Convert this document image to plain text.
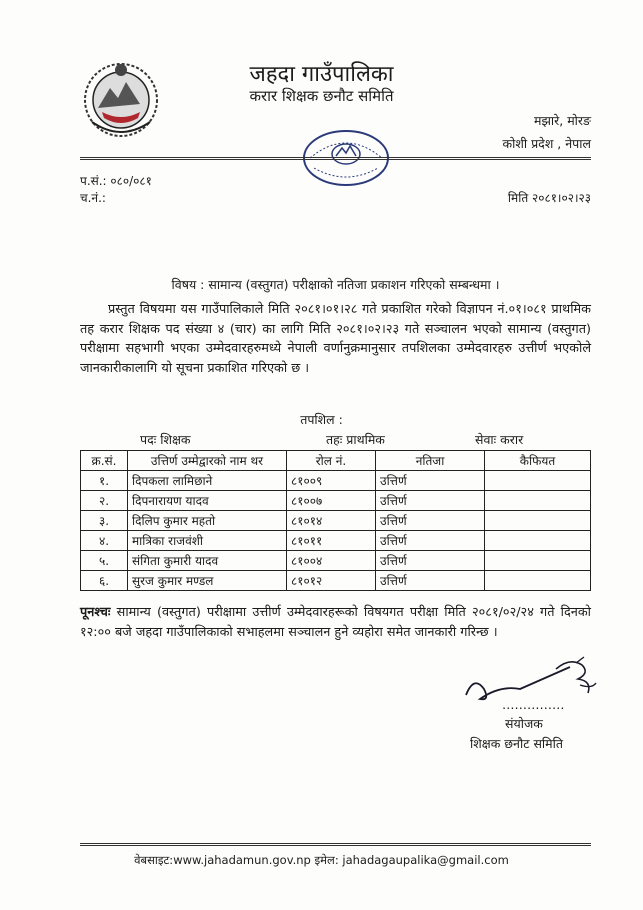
जहदा गाउँपालिका
करार शिक्षक छनौट समिति
मझारे, मोरङ
कोशी प्रदेश , नेपाल
प.सं.: ०८०/०८१
च.नं.:	मिति २०८१।०२।२३
विषय : सामान्य (वस्तुगत) परीक्षाको नतिजा प्रकाशन गरिएको सम्बन्धमा ।
प्रस्तुत विषयमा यस गाउँपालिकाले मिति २०८१।०१।२८ गते प्रकाशित गरेको विज्ञापन नं.०१।०८१ प्राथमिक तह करार शिक्षक पद संख्या ४ (चार) का लागि मिति २०८१।०२।२३ गते सञ्चालन भएको सामान्य (वस्तुगत) परीक्षामा सहभागी भएका उम्मेदवारहरुमध्ये नेपाली वर्णानुक्रमानुसार तपशिलका उम्मेदवारहरु उत्तीर्ण भएकोले जानकारीकालागि यो सूचना प्रकाशित गरिएको छ ।
तपशिल :
पदः शिक्षक	तहः प्राथमिक	सेवाः करार
क्र.सं.	उत्तिर्ण उम्मेद्वारको नाम थर	रोल नं.	नतिजा	कैफियत
१.	दिपकला लामिछाने	८१००९	उत्तिर्ण	
२.	दिपनारायण यादव	८१००७	उत्तिर्ण	
३.	दिलिप कुमार महतो	८१०१४	उत्तिर्ण	
४.	मात्रिका राजवंशी	८१०११	उत्तिर्ण	
५.	संगिता कुमारी यादव	८१००४	उत्तिर्ण	
६.	सुरज कुमार मण्डल	८१०१२	उत्तिर्ण	
पूनश्चः सामान्य (वस्तुगत) परीक्षामा उत्तीर्ण उम्मेदवारहरूको विषयगत परीक्षा मिति २०८१/०२/२४ गते दिनको १२:०० बजे जहदा गाउँपालिकाको सभाहलमा सञ्चालन हुने व्यहोरा समेत जानकारी गरिन्छ ।
……………
संयोजक
शिक्षक छनौट समिति
वेबसाइट:www.jahadamun.gov.np इमेल: jahadagaupalika@gmail.com
